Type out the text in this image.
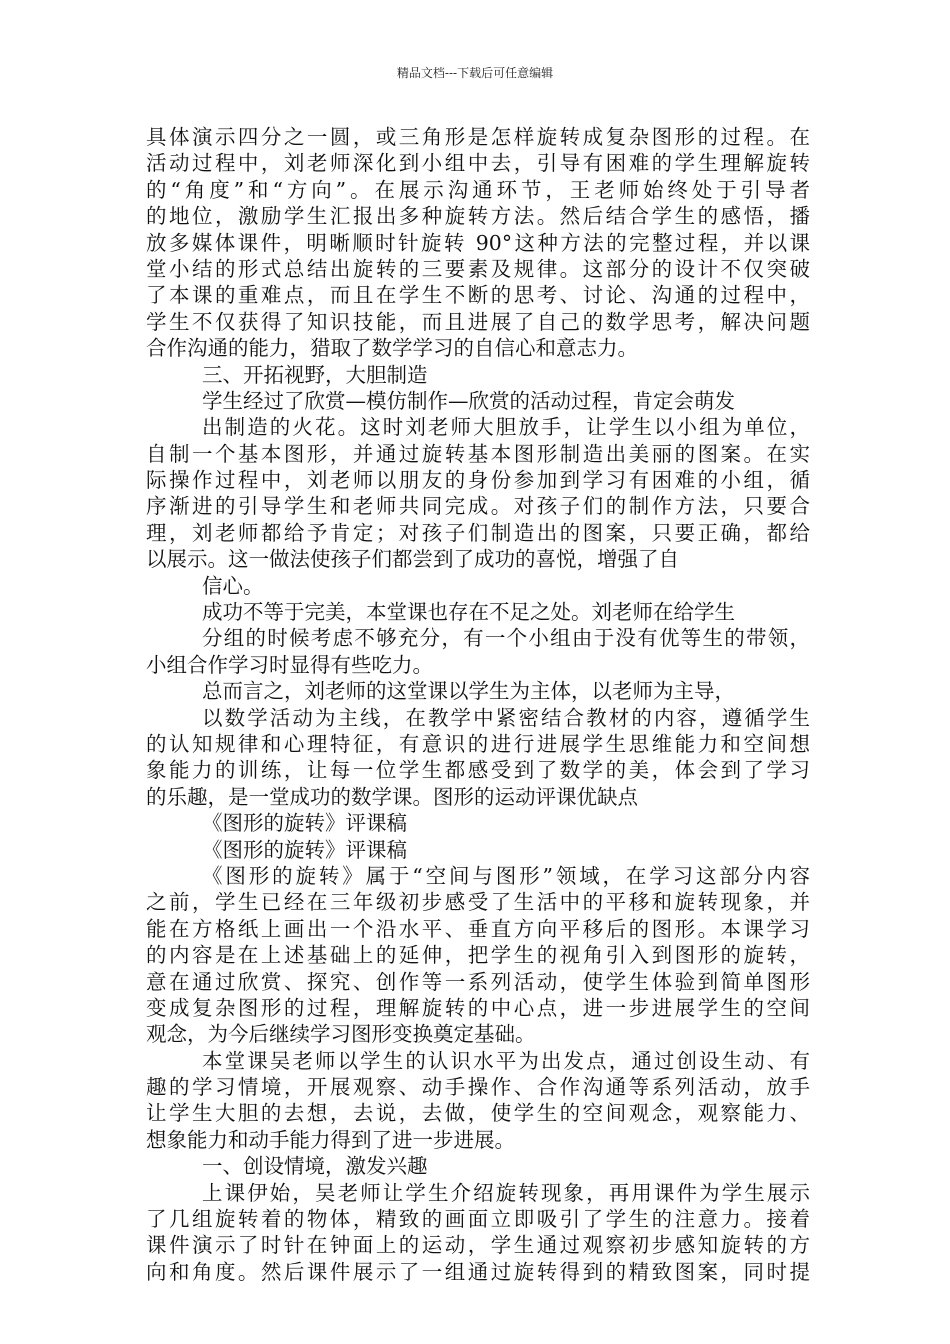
精品文档---下载后可任意编辑
具体演示四分之一圆，或三角形是怎样旋转成复杂图形的过程。在
活动过程中，刘老师深化到小组中去，引导有困难的学生理解旋转
的“角度”和“方向”。在展示沟通环节，王老师始终处于引导者
的地位，激励学生汇报出多种旋转方法。然后结合学生的感悟，播
放多媒体课件，明晰顺时针旋转 90°这种方法的完整过程，并以课
堂小结的形式总结出旋转的三要素及规律。这部分的设计不仅突破
了本课的重难点，而且在学生不断的思考、讨论、沟通的过程中，
学生不仅获得了知识技能，而且进展了自己的数学思考，解决问题
合作沟通的能力，猎取了数学学习的自信心和意志力。
三、开拓视野，大胆制造
学生经过了欣赏—模仿制作—欣赏的活动过程，肯定会萌发
出制造的火花。这时刘老师大胆放手，让学生以小组为单位，
自制一个基本图形，并通过旋转基本图形制造出美丽的图案。在实
际操作过程中，刘老师以朋友的身份参加到学习有困难的小组，循
序渐进的引导学生和老师共同完成。对孩子们的制作方法，只要合
理，刘老师都给予肯定；对孩子们制造出的图案，只要正确，都给
以展示。这一做法使孩子们都尝到了成功的喜悦，增强了自
信心。
成功不等于完美，本堂课也存在不足之处。刘老师在给学生
分组的时候考虑不够充分，有一个小组由于没有优等生的带领，
小组合作学习时显得有些吃力。
总而言之，刘老师的这堂课以学生为主体，以老师为主导，
以数学活动为主线，在教学中紧密结合教材的内容，遵循学生
的认知规律和心理特征，有意识的进行进展学生思维能力和空间想
象能力的训练，让每一位学生都感受到了数学的美，体会到了学习
的乐趣，是一堂成功的数学课。图形的运动评课优缺点
《图形的旋转》评课稿
《图形的旋转》评课稿
《图形的旋转》属于“空间与图形”领域，在学习这部分内容
之前，学生已经在三年级初步感受了生活中的平移和旋转现象，并
能在方格纸上画出一个沿水平、垂直方向平移后的图形。本课学习
的内容是在上述基础上的延伸，把学生的视角引入到图形的旋转，
意在通过欣赏、探究、创作等一系列活动，使学生体验到简单图形
变成复杂图形的过程，理解旋转的中心点，进一步进展学生的空间
观念，为今后继续学习图形变换奠定基础。
本堂课吴老师以学生的认识水平为出发点，通过创设生动、有
趣的学习情境，开展观察、动手操作、合作沟通等系列活动，放手
让学生大胆的去想，去说，去做，使学生的空间观念，观察能力、
想象能力和动手能力得到了进一步进展。
一、创设情境，激发兴趣
上课伊始，吴老师让学生介绍旋转现象，再用课件为学生展示
了几组旋转着的物体，精致的画面立即吸引了学生的注意力。接着
课件演示了时针在钟面上的运动，学生通过观察初步感知旋转的方
向和角度。然后课件展示了一组通过旋转得到的精致图案，同时提
